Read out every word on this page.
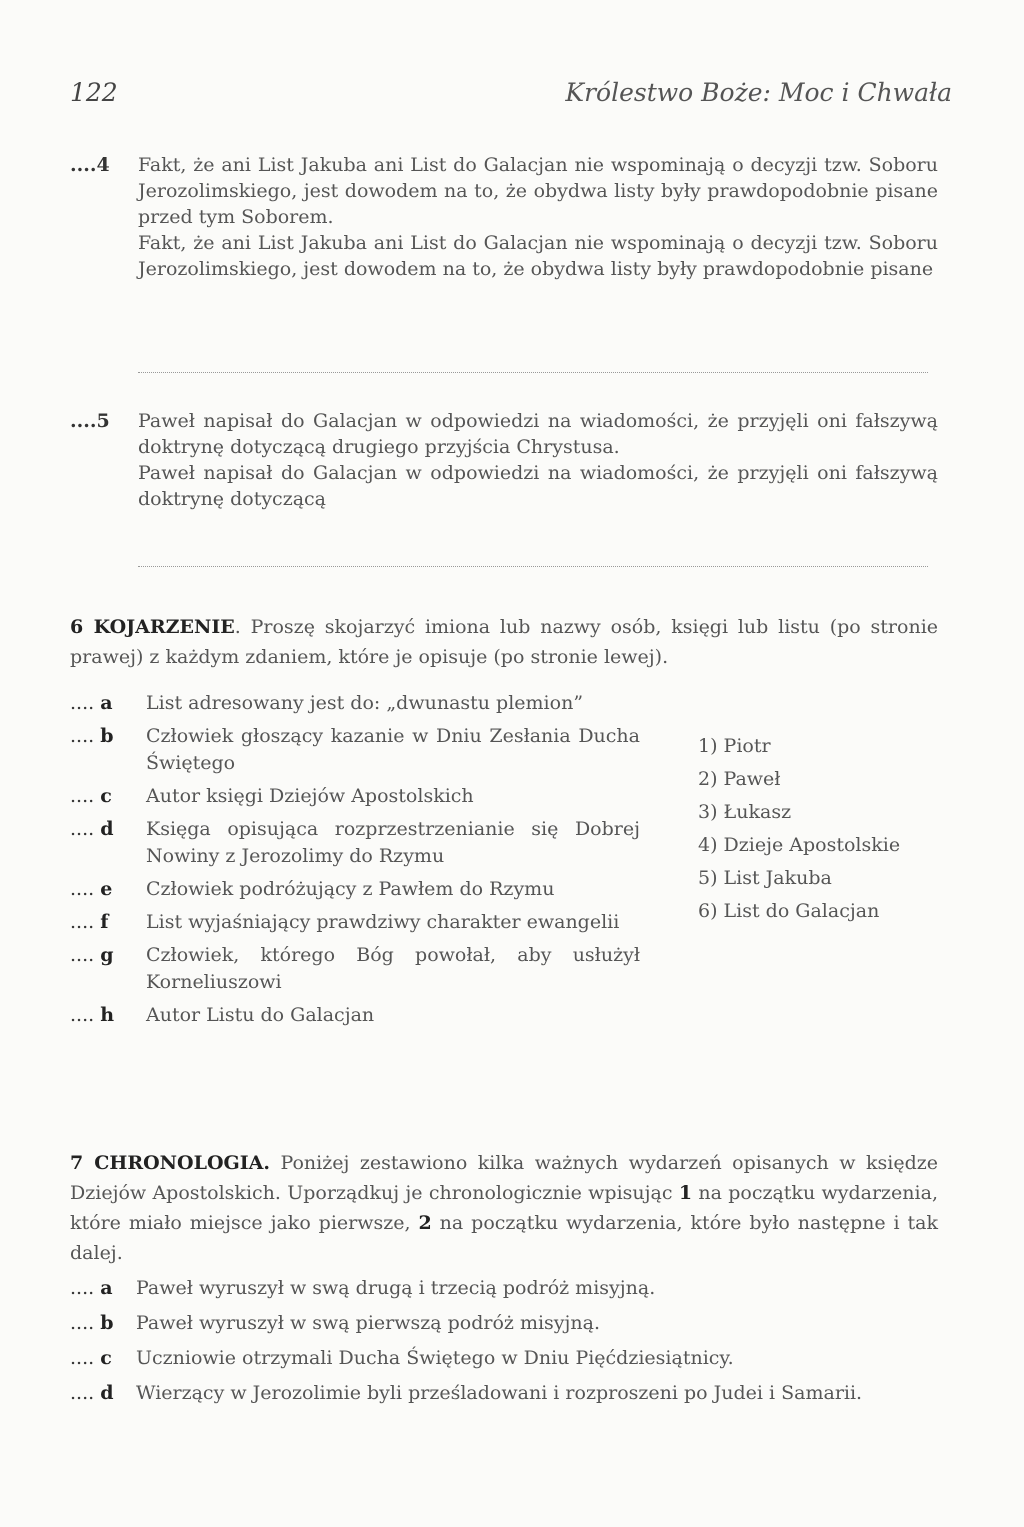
122	Królestwo Boże: Moc i Chwała
....4	Fakt, że ani List Jakuba ani List do Galacjan nie wspominają o decyzji tzw. Soboru Jerozolimskiego, jest dowodem na to, że obydwa listy były prawdopodobnie pisane przed tym Soborem.

Fakt, że ani List Jakuba ani List do Galacjan nie wspominają o decyzji tzw. Soboru Jerozolimskiego, jest dowodem na to, że obydwa listy były prawdopodobnie pisane

....5	Paweł napisał do Galacjan w odpowiedzi na wiadomości, że przyjęli oni fałszywą doktrynę dotyczącą drugiego przyjścia Chrystusa.

Paweł napisał do Galacjan w odpowiedzi na wiadomości, że przyjęli oni fałszywą doktrynę dotyczącą

6 KOJARZENIE. Proszę skojarzyć imiona lub nazwy osób, księgi lub listu (po stronie prawej) z każdym zdaniem, które je opisuje (po stronie lewej).
.... a List adresowany jest do: „dwunastu plemion”
.... b Człowiek głoszący kazanie w Dniu Zesłania Ducha Świętego
.... c Autor księgi Dziejów Apostolskich
.... d Księga opisująca rozprzestrzenianie się Dobrej Nowiny z Jerozolimy do Rzymu
.... e Człowiek podróżujący z Pawłem do Rzymu
.... f List wyjaśniający prawdziwy charakter ewangelii
.... g Człowiek, którego Bóg powołał, aby usłużył Korneliuszowi
.... h Autor Listu do Galacjan
1) Piotr
2) Paweł
3) Łukasz
4) Dzieje Apostolskie
5) List Jakuba
6) List do Galacjan
7 CHRONOLOGIA. Poniżej zestawiono kilka ważnych wydarzeń opisanych w księdze Dziejów Apostolskich. Uporządkuj je chronologicznie wpisując 1 na początku wydarzenia, które miało miejsce jako pierwsze, 2 na początku wydarzenia, które było następne i tak dalej.
.... a Paweł wyruszył w swą drugą i trzecią podróż misyjną.
.... b Paweł wyruszył w swą pierwszą podróż misyjną.
.... c Uczniowie otrzymali Ducha Świętego w Dniu Pięćdziesiątnicy.
.... d Wierzący w Jerozolimie byli prześladowani i rozproszeni po Judei i Samarii.
